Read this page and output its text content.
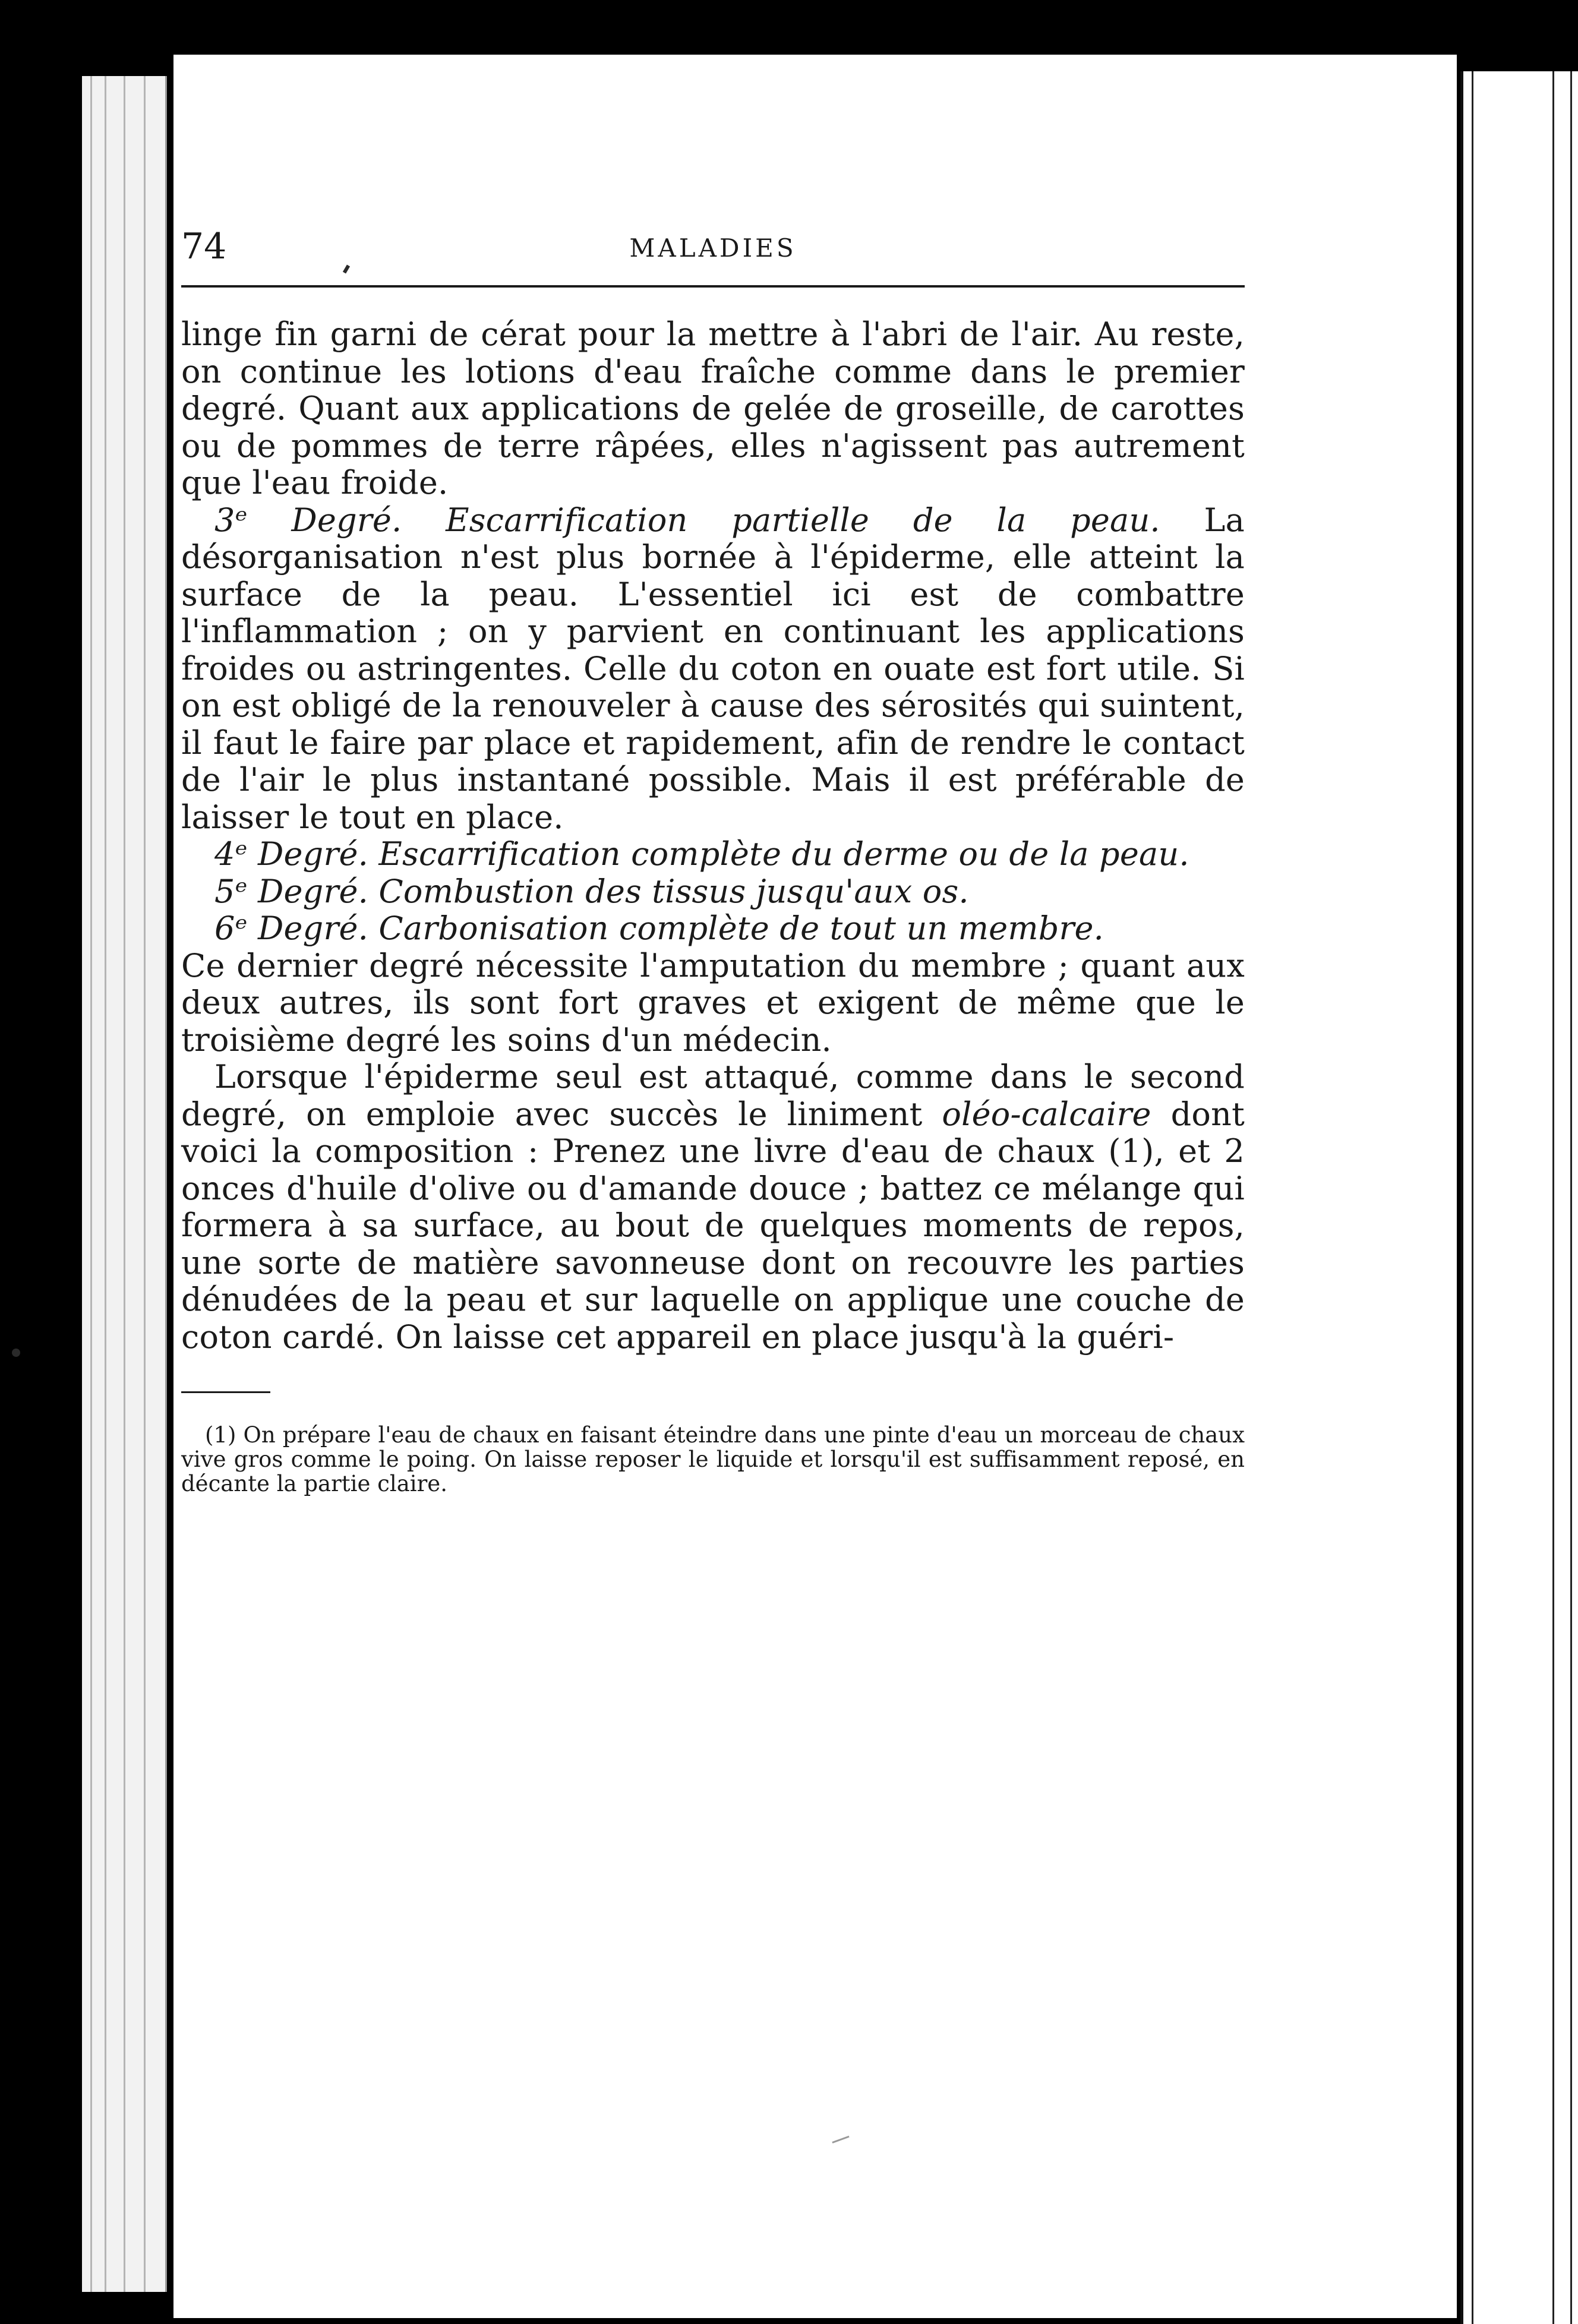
74	MALADIES

linge fin garni de cérat pour la mettre à l'abri de l'air. Au reste, on continue les lotions d'eau fraîche comme dans le premier degré. Quant aux applications de gelée de groseille, de carottes ou de pommes de terre râpées, elles n'agissent pas autrement que l'eau froide.

3ᵉ Degré. Escarrification partielle de la peau. La désorganisation n'est plus bornée à l'épiderme, elle atteint la surface de la peau. L'essentiel ici est de combattre l'inflammation ; on y parvient en continuant les applications froides ou astringentes. Celle du coton en ouate est fort utile. Si on est obligé de la renouveler à cause des sérosités qui suintent, il faut le faire par place et rapidement, afin de rendre le contact de l'air le plus instantané possible. Mais il est préférable de laisser le tout en place.

4ᵉ Degré. Escarrification complète du derme ou de la peau.

5ᵉ Degré. Combustion des tissus jusqu'aux os.

6ᵉ Degré. Carbonisation complète de tout un membre.

Ce dernier degré nécessite l'amputation du membre ; quant aux deux autres, ils sont fort graves et exigent de même que le troisième degré les soins d'un médecin.

Lorsque l'épiderme seul est attaqué, comme dans le second degré, on emploie avec succès le liniment oléo-calcaire dont voici la composition : Prenez une livre d'eau de chaux (1), et 2 onces d'huile d'olive ou d'amande douce ; battez ce mélange qui formera à sa surface, au bout de quelques moments de repos, une sorte de matière savonneuse dont on recouvre les parties dénudées de la peau et sur laquelle on applique une couche de coton cardé. On laisse cet appareil en place jusqu'à la guéri-

(1) On prépare l'eau de chaux en faisant éteindre dans une pinte d'eau un morceau de chaux vive gros comme le poing. On laisse reposer le liquide et lorsqu'il est suffisamment reposé, en décante la partie claire.
